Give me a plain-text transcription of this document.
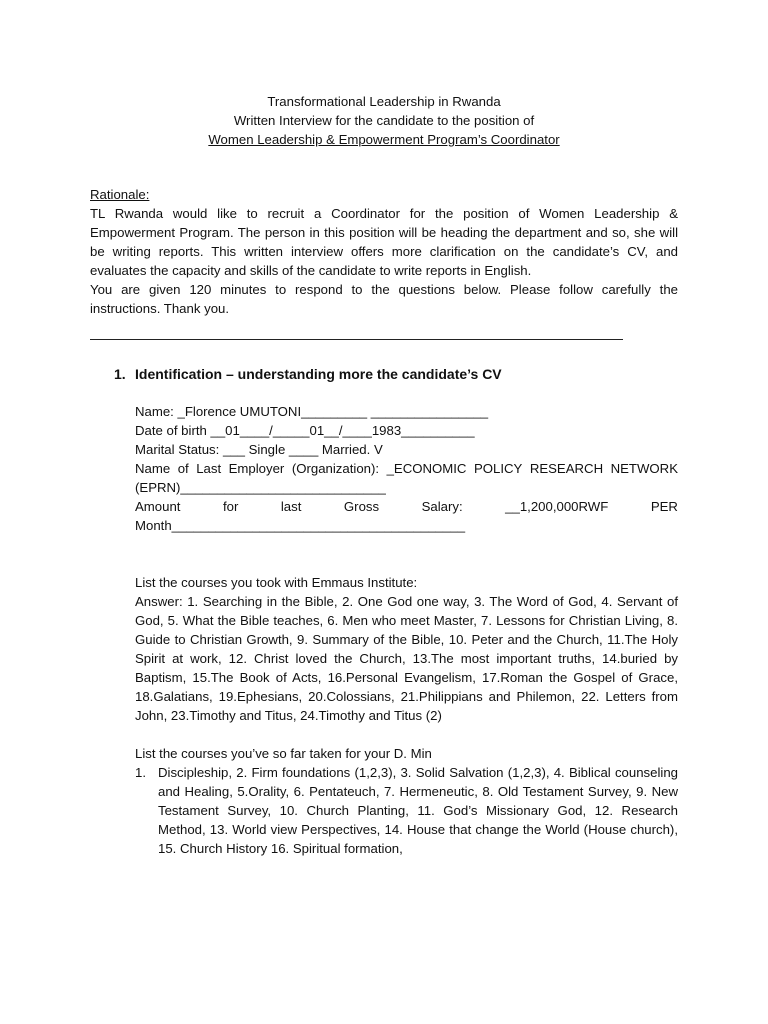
Transformational Leadership in Rwanda
Written Interview for the candidate to the position of
Women Leadership & Empowerment Program’s Coordinator
Rationale:

TL Rwanda would like to recruit a Coordinator for the position of Women Leadership & Empowerment Program. The person in this position will be heading the department and so, she will be writing reports. This written interview offers more clarification on the candidate’s CV, and evaluates the capacity and skills of the candidate to write reports in English.

You are given 120 minutes to respond to the questions below. Please follow carefully the instructions. Thank you.

1. Identification – understanding more the candidate’s CV
Name: _Florence UMUTONI_________ ________________
Date of birth __01____/_____01__/____1983__________
Marital Status: ___ Single ____ Married. V
Name of Last Employer (Organization): _ECONOMIC POLICY RESEARCH NETWORK
(EPRN)____________________________
Amount	for	last	Gross	Salary:	__1,200,000RWF	PER
Month________________________________________

List the courses you took with Emmaus Institute:

Answer: 1. Searching in the Bible, 2. One God one way, 3. The Word of God, 4. Servant of God, 5. What the Bible teaches, 6. Men who meet Master, 7. Lessons for Christian Living, 8. Guide to Christian Growth, 9. Summary of the Bible, 10. Peter and the Church, 11.The Holy Spirit at work, 12. Christ loved the Church, 13.The most important truths, 14.buried by Baptism, 15.The Book of Acts, 16.Personal Evangelism, 17.Roman the Gospel of Grace, 18.Galatians, 19.Ephesians, 20.Colossians, 21.Philippians and Philemon, 22. Letters from John, 23.Timothy and Titus, 24.Timothy and Titus (2)

List the courses you’ve so far taken for your D. Min

1. Discipleship, 2. Firm foundations (1,2,3), 3. Solid Salvation (1,2,3), 4. Biblical counseling and Healing, 5.Orality, 6. Pentateuch, 7. Hermeneutic, 8. Old Testament Survey, 9. New Testament Survey, 10. Church Planting, 11. God’s Missionary God, 12. Research Method, 13. World view Perspectives, 14. House that change the World (House church), 15. Church History 16. Spiritual formation,
